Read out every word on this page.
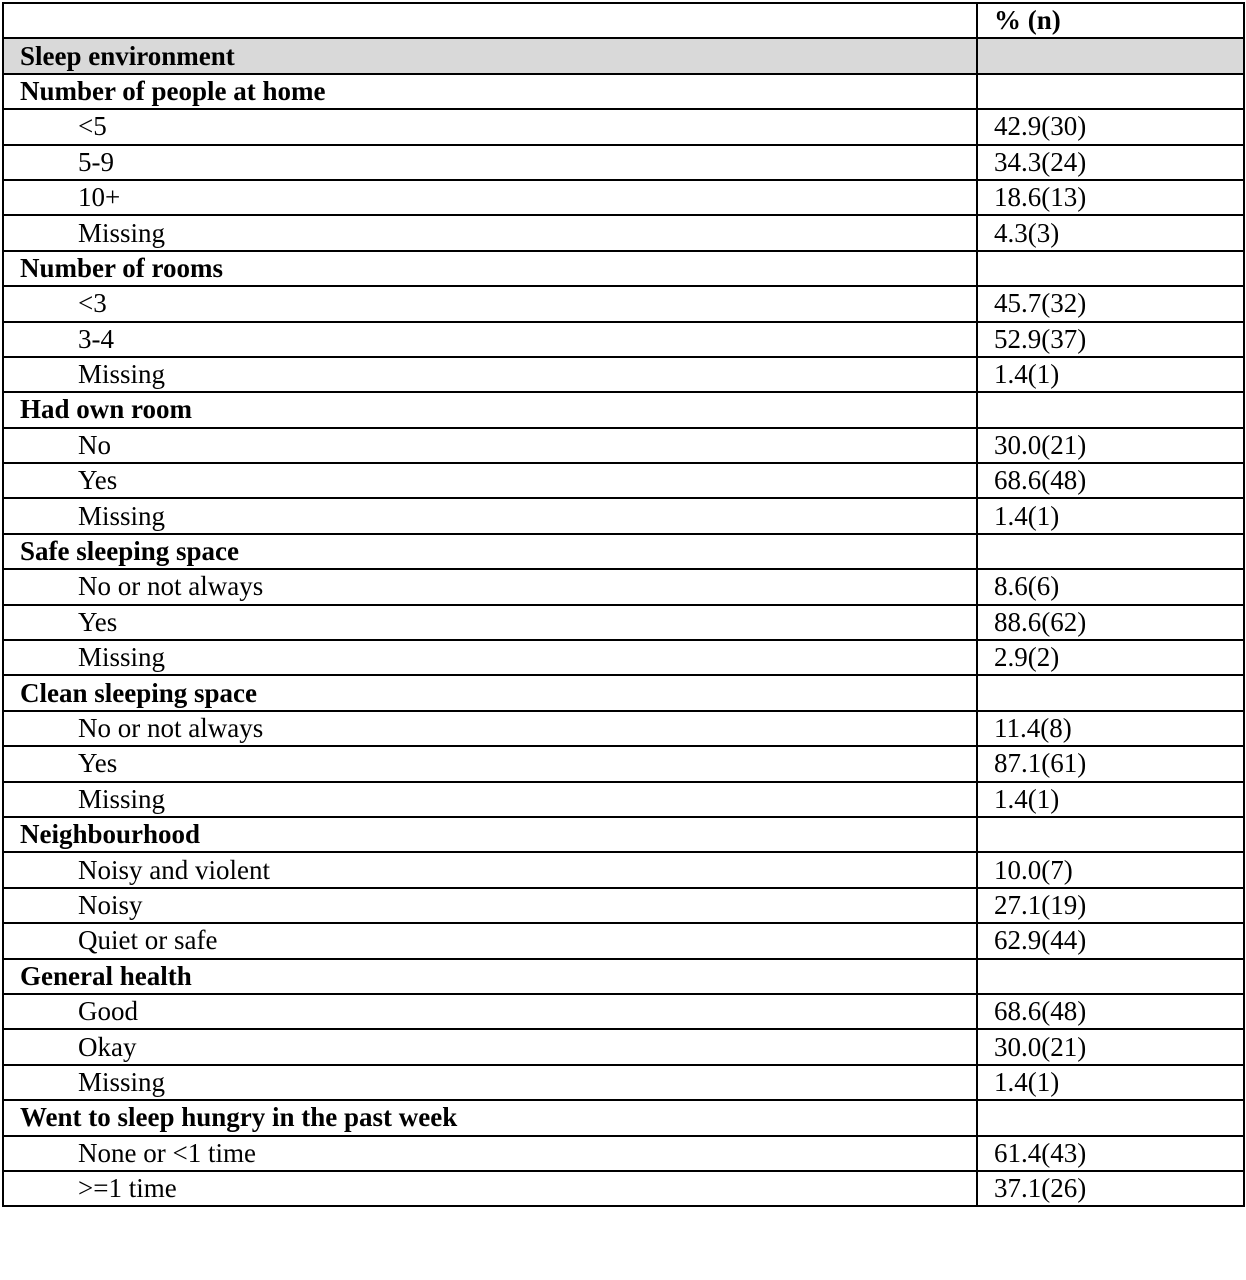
	% (n)
Sleep environment	
Number of people at home	
<5	42.9(30)
5-9	34.3(24)
10+	18.6(13)
Missing	4.3(3)
Number of rooms	
<3	45.7(32)
3-4	52.9(37)
Missing	1.4(1)
Had own room	
No	30.0(21)
Yes	68.6(48)
Missing	1.4(1)
Safe sleeping space	
No or not always	8.6(6)
Yes	88.6(62)
Missing	2.9(2)
Clean sleeping space	
No or not always	11.4(8)
Yes	87.1(61)
Missing	1.4(1)
Neighbourhood	
Noisy and violent	10.0(7)
Noisy	27.1(19)
Quiet or safe	62.9(44)
General health	
Good	68.6(48)
Okay	30.0(21)
Missing	1.4(1)
Went to sleep hungry in the past week	
None or <1 time	61.4(43)
>=1 time	37.1(26)
